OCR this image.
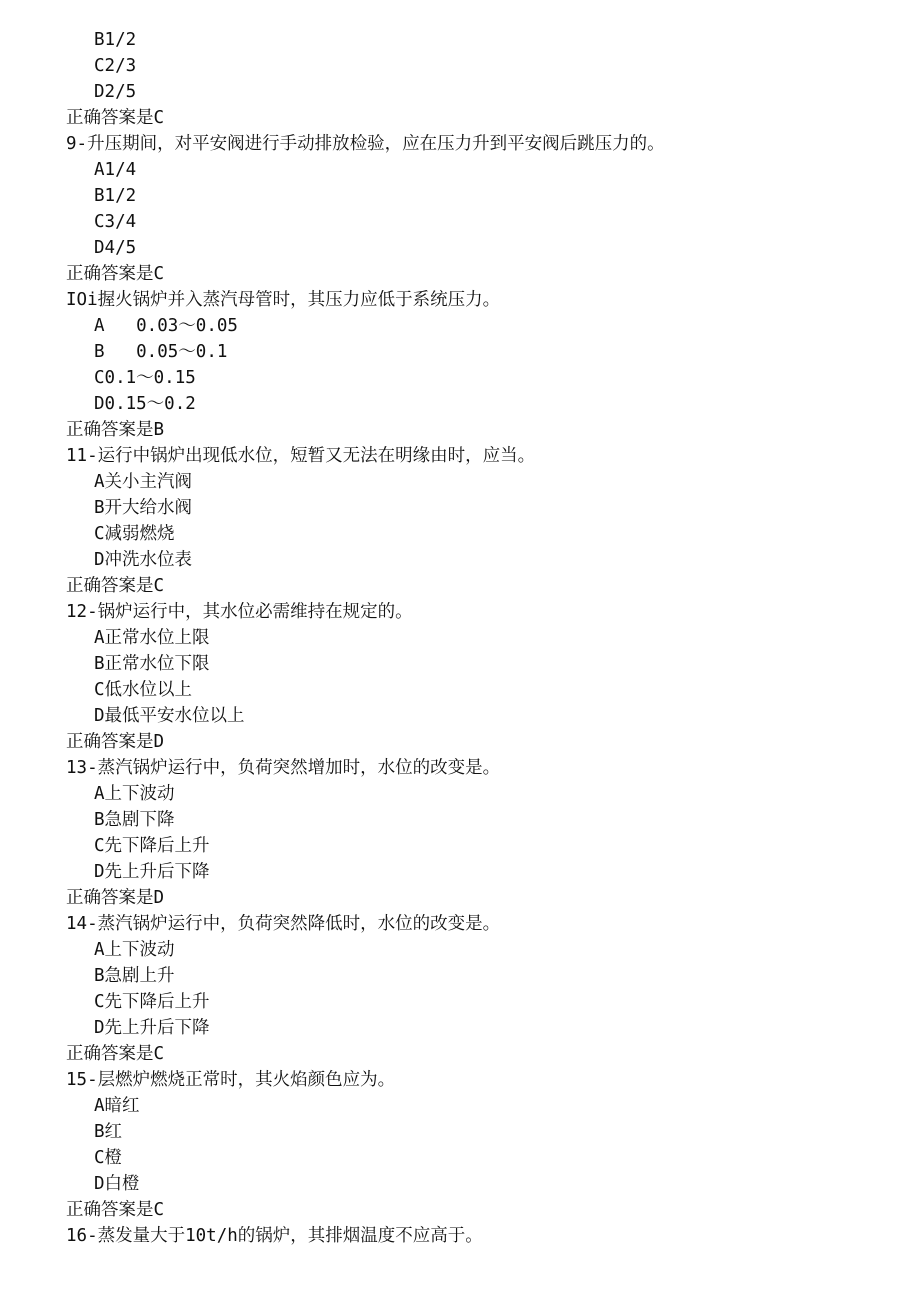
B1/2
C2/3
D2/5
正确答案是C
9-升压期间，对平安阀进行手动排放检验，应在压力升到平安阀后跳压力的。
A1/4
B1/2
C3/4
D4/5
正确答案是C
IOi握火锅炉并入蒸汽母管时，其压力应低于系统压力。
A   0.03～0.05
B   0.05～0.1
C0.1～0.15
D0.15～0.2
正确答案是B
11-运行中锅炉出现低水位，短暂又无法在明缘由时，应当。
A关小主汽阀
B开大给水阀
C减弱燃烧
D冲洗水位表
正确答案是C
12-锅炉运行中，其水位必需维持在规定的。
A正常水位上限
B正常水位下限
C低水位以上
D最低平安水位以上
正确答案是D
13-蒸汽锅炉运行中，负荷突然增加时，水位的改变是。
A上下波动
B急剧下降
C先下降后上升
D先上升后下降
正确答案是D
14-蒸汽锅炉运行中，负荷突然降低时，水位的改变是。
A上下波动
B急剧上升
C先下降后上升
D先上升后下降
正确答案是C
15-层燃炉燃烧正常时，其火焰颜色应为。
A暗红
B红
C橙
D白橙
正确答案是C
16-蒸发量大于10t/h的锅炉，其排烟温度不应高于。
